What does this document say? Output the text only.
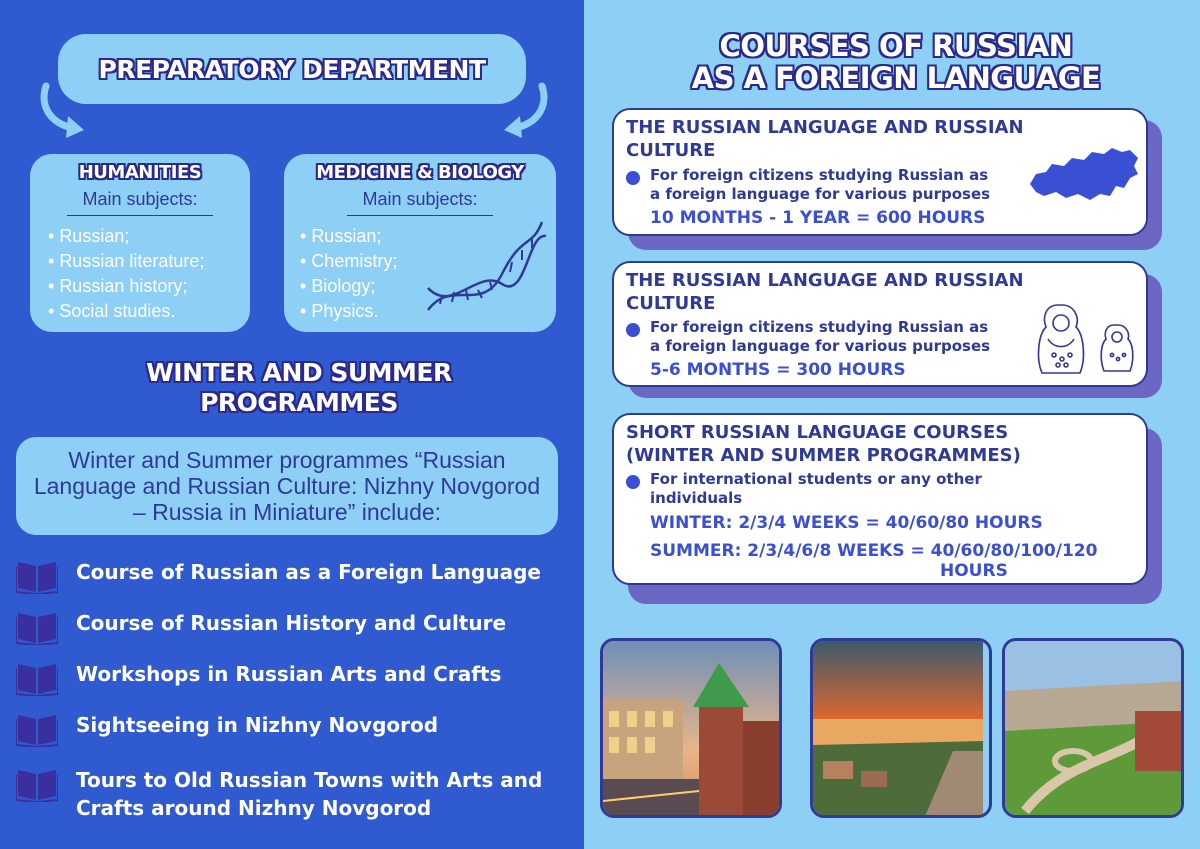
PREPARATORY DEPARTMENT
HUMANITIES
Main subjects:
• Russian;
• Russian literature;
• Russian history;
• Social studies.
MEDICINE & BIOLOGY
Main subjects:
• Russian;
• Chemistry;
• Biology;
• Physics.
WINTER AND SUMMER
PROGRAMMES

Winter and Summer programmes “Russian Language and Russian Culture: Nizhny Novgorod – Russia in Miniature” include:

Course of Russian as a Foreign Language
Course of Russian History and Culture
Workshops in Russian Arts and Crafts
Sightseeing in Nizhny Novgorod
Tours to Old Russian Towns with Arts and Crafts around Nizhny Novgorod
COURSES OF RUSSIAN
AS A FOREIGN LANGUAGE
THE RUSSIAN LANGUAGE AND RUSSIAN
CULTURE
For foreign citizens studying Russian as
a foreign language for various purposes
10 MONTHS - 1 YEAR = 600 HOURS
THE RUSSIAN LANGUAGE AND RUSSIAN
CULTURE
For foreign citizens studying Russian as
a foreign language for various purposes
5-6 MONTHS = 300 HOURS
SHORT RUSSIAN LANGUAGE COURSES
(WINTER AND SUMMER PROGRAMMES)
For international students or any other
individuals
WINTER: 2/3/4 WEEKS = 40/60/80 HOURS
SUMMER: 2/3/4/6/8 WEEKS = 40/60/80/100/120
HOURS
